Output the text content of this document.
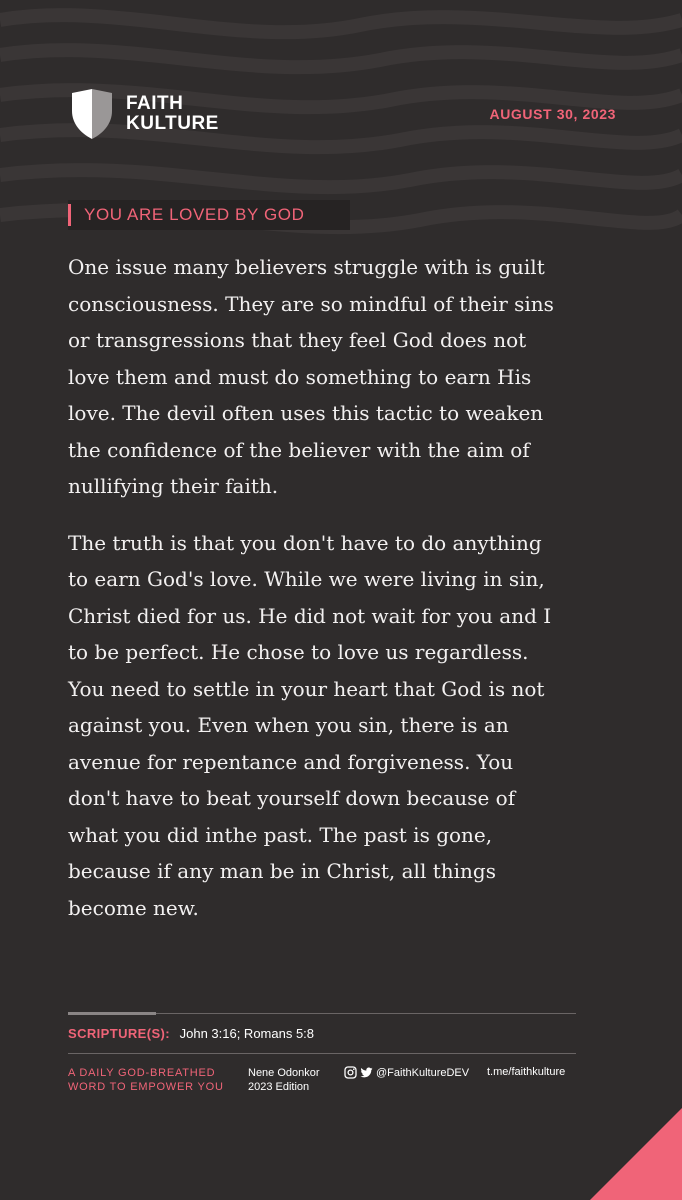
FAITH
KULTURE	AUGUST 30, 2023
YOU ARE LOVED BY GOD

One issue many believers struggle with is guilt
consciousness. They are so mindful of their sins
or transgressions that they feel God does not
love them and must do something to earn His
love. The devil often uses this tactic to weaken
the confidence of the believer with the aim of
nullifying their faith.

The truth is that you don't have to do anything
to earn God's love. While we were living in sin,
Christ died for us. He did not wait for you and I
to be perfect. He chose to love us regardless.
You need to settle in your heart that God is not
against you. Even when you sin, there is an
avenue for repentance and forgiveness. You
don't have to beat yourself down because of
what you did inthe past. The past is gone,
because if any man be in Christ, all things
become new.

SCRIPTURE(S): John 3:16; Romans 5:8
A DAILY GOD-BREATHED
WORD TO EMPOWER YOU
Nene Odonkor
2023 Edition
@FaithKultureDEV t.me/faithkulture
